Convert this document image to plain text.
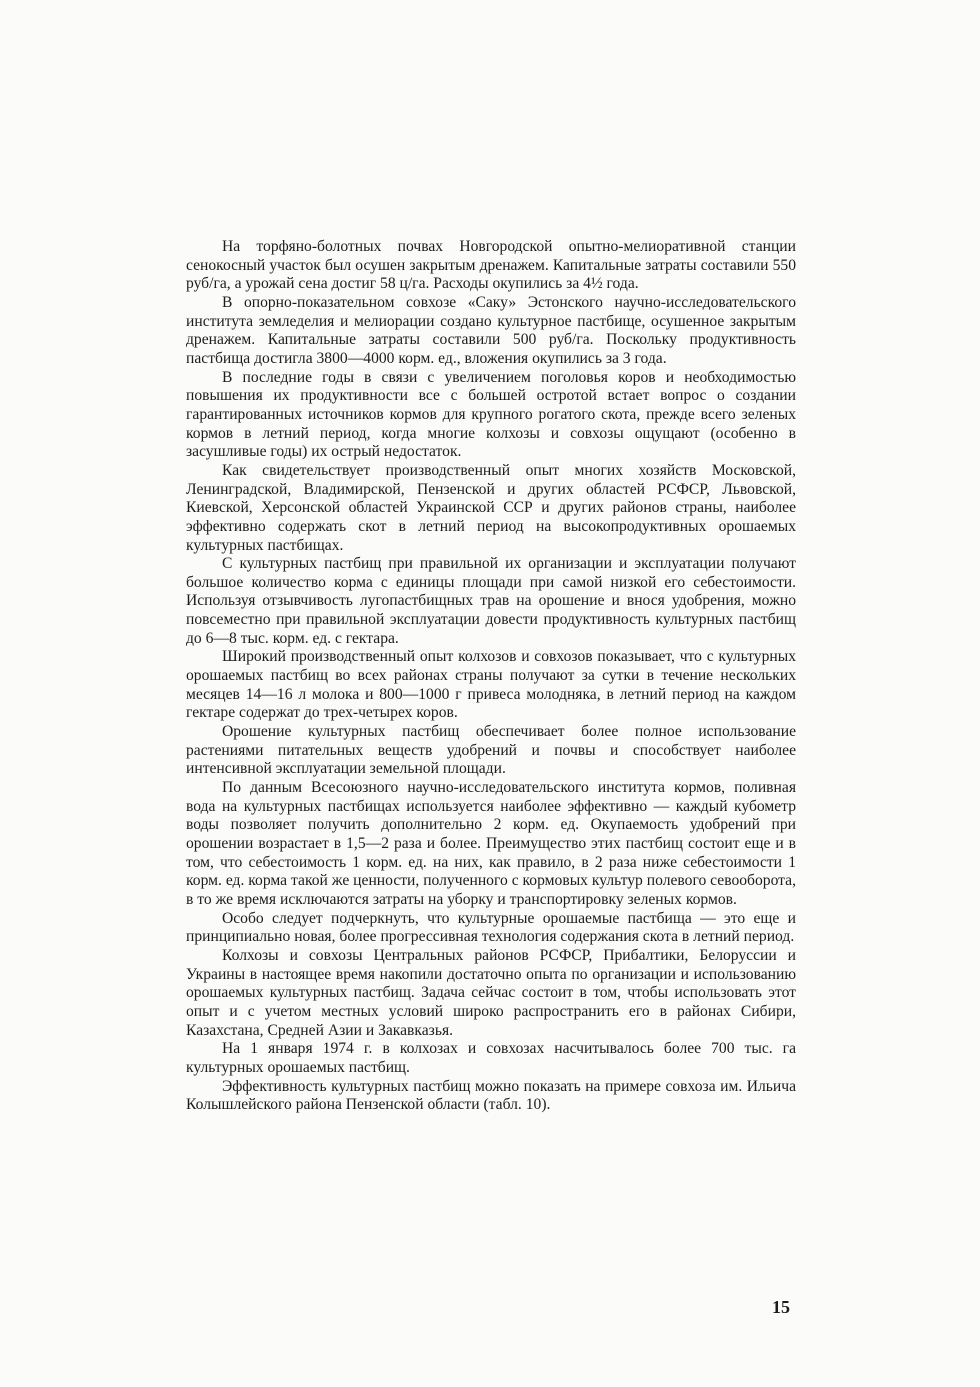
На торфяно-болотных почвах Новгородской опытно-мелиоративной станции сенокосный участок был осушен закрытым дренажем. Капитальные затраты составили 550 руб/га, а урожай сена достиг 58 ц/га. Расходы окупились за 4½ года.

В опорно-показательном совхозе «Саку» Эстонского научно-исследовательского института земледелия и мелиорации создано культурное пастбище, осушенное закрытым дренажем. Капитальные затраты составили 500 руб/га. Поскольку продуктивность пастбища достигла 3800—4000 корм. ед., вложения окупились за 3 года.

В последние годы в связи с увеличением поголовья коров и необходимостью повышения их продуктивности все с большей остротой встает вопрос о создании гарантированных источников кормов для крупного рогатого скота, прежде всего зеленых кормов в летний период, когда многие колхозы и совхозы ощущают (особенно в засушливые годы) их острый недостаток.

Как свидетельствует производственный опыт многих хозяйств Московской, Ленинградской, Владимирской, Пензенской и других областей РСФСР, Львовской, Киевской, Херсонской областей Украинской ССР и других районов страны, наиболее эффективно содержать скот в летний период на высокопродуктивных орошаемых культурных пастбищах.

С культурных пастбищ при правильной их организации и эксплуатации получают большое количество корма с единицы площади при самой низкой его себестоимости. Используя отзывчивость лугопастбищных трав на орошение и внося удобрения, можно повсеместно при правильной эксплуатации довести продуктивность культурных пастбищ до 6—8 тыс. корм. ед. с гектара.

Широкий производственный опыт колхозов и совхозов показывает, что с культурных орошаемых пастбищ во всех районах страны получают за сутки в течение нескольких месяцев 14—16 л молока и 800—1000 г привеса молодняка, в летний период на каждом гектаре содержат до трех-четырех коров.

Орошение культурных пастбищ обеспечивает более полное использование растениями питательных веществ удобрений и почвы и способствует наиболее интенсивной эксплуатации земельной площади.

По данным Всесоюзного научно-исследовательского института кормов, поливная вода на культурных пастбищах используется наиболее эффективно — каждый кубометр воды позволяет получить дополнительно 2 корм. ед. Окупаемость удобрений при орошении возрастает в 1,5—2 раза и более. Преимущество этих пастбищ состоит еще и в том, что себестоимость 1 корм. ед. на них, как правило, в 2 раза ниже себестоимости 1 корм. ед. корма такой же ценности, полученного с кормовых культур полевого севооборота, в то же время исключаются затраты на уборку и транспортировку зеленых кормов.

Особо следует подчеркнуть, что культурные орошаемые пастбища — это еще и принципиально новая, более прогрессивная технология содержания скота в летний период.

Колхозы и совхозы Центральных районов РСФСР, Прибалтики, Белоруссии и Украины в настоящее время накопили достаточно опыта по организации и использованию орошаемых культурных пастбищ. Задача сейчас состоит в том, чтобы использовать этот опыт и с учетом местных условий широко распространить его в районах Сибири, Казахстана, Средней Азии и Закавказья.

На 1 января 1974 г. в колхозах и совхозах насчитывалось более 700 тыс. га культурных орошаемых пастбищ.

Эффективность культурных пастбищ можно показать на примере совхоза им. Ильича Колышлейского района Пензенской области (табл. 10).

15
